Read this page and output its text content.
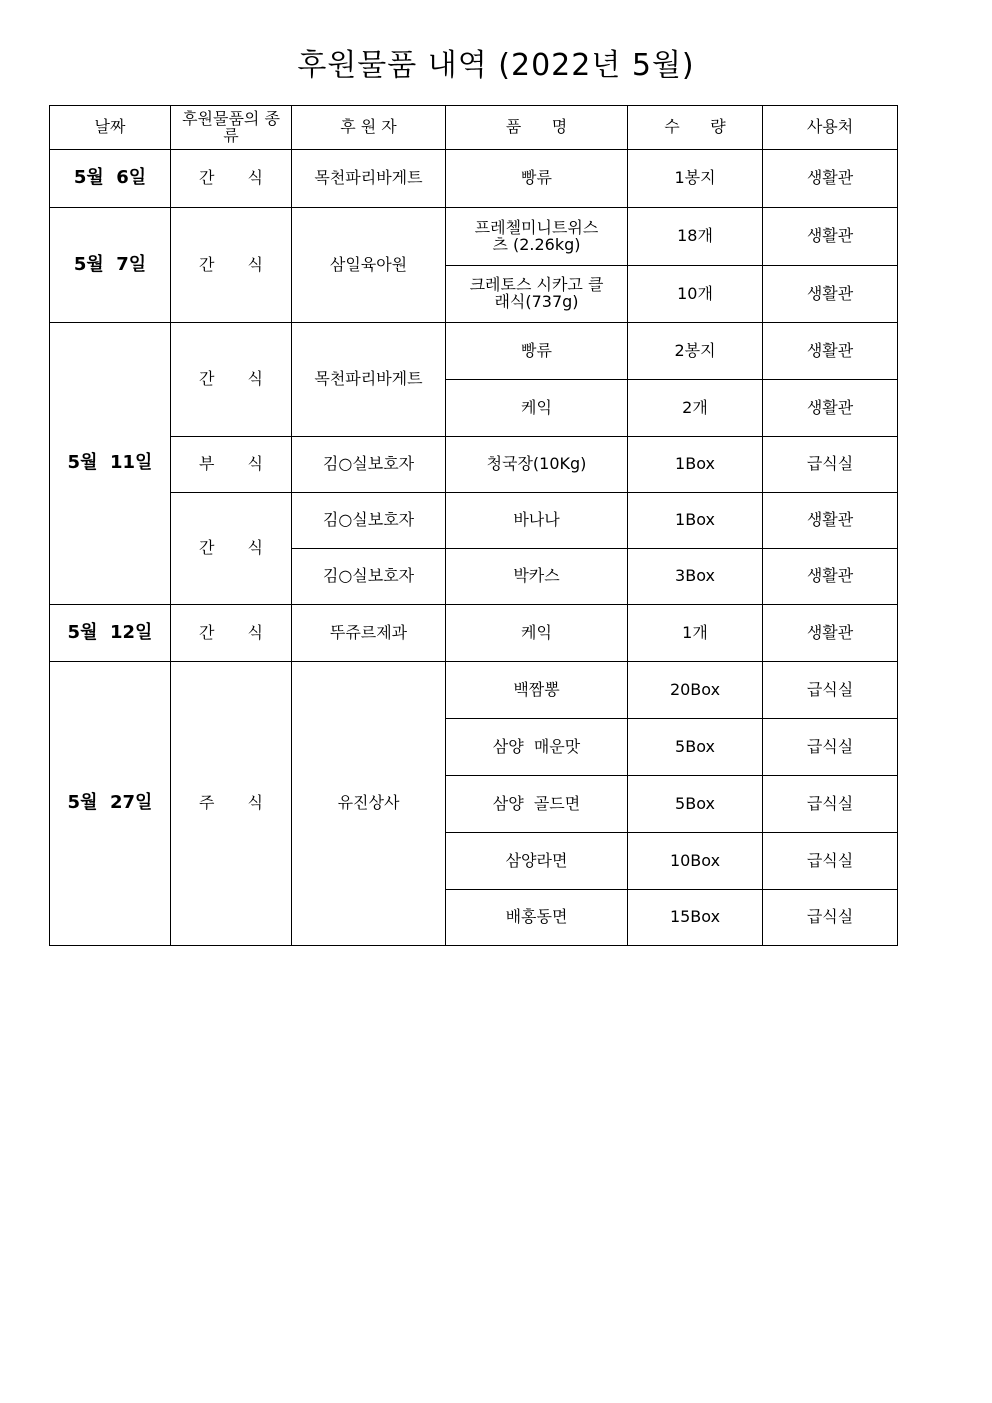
후원물품 내역 (2022년 5월)
날짜	후원물품의 종류	후 원 자	품      명	수      량	사용처
5월  6일	간 식	목천파리바게트	빵류	1봉지	생활관
5월  7일	간 식	삼일육아원	프레첼미니트위스츠 (2.26kg)	18개	생활관
			크레토스 시카고 클래식(737g)	10개	생활관
5월  11일	간 식	목천파리바게트	빵류	2봉지	생활관
			케익	2개	생활관
	부 식	김○실보호자	청국장(10Kg)	1Box	급식실
	간 식	김○실보호자	바나나	1Box	생활관
		김○실보호자	박카스	3Box	생활관
5월  12일	간 식	뚜쥬르제과	케익	1개	생활관
5월  27일	주 식	유진상사	백짬뽕	20Box	급식실
			삼양  매운맛	5Box	급식실
			삼양  골드면	5Box	급식실
			삼양라면	10Box	급식실
			배홍동면	15Box	급식실
